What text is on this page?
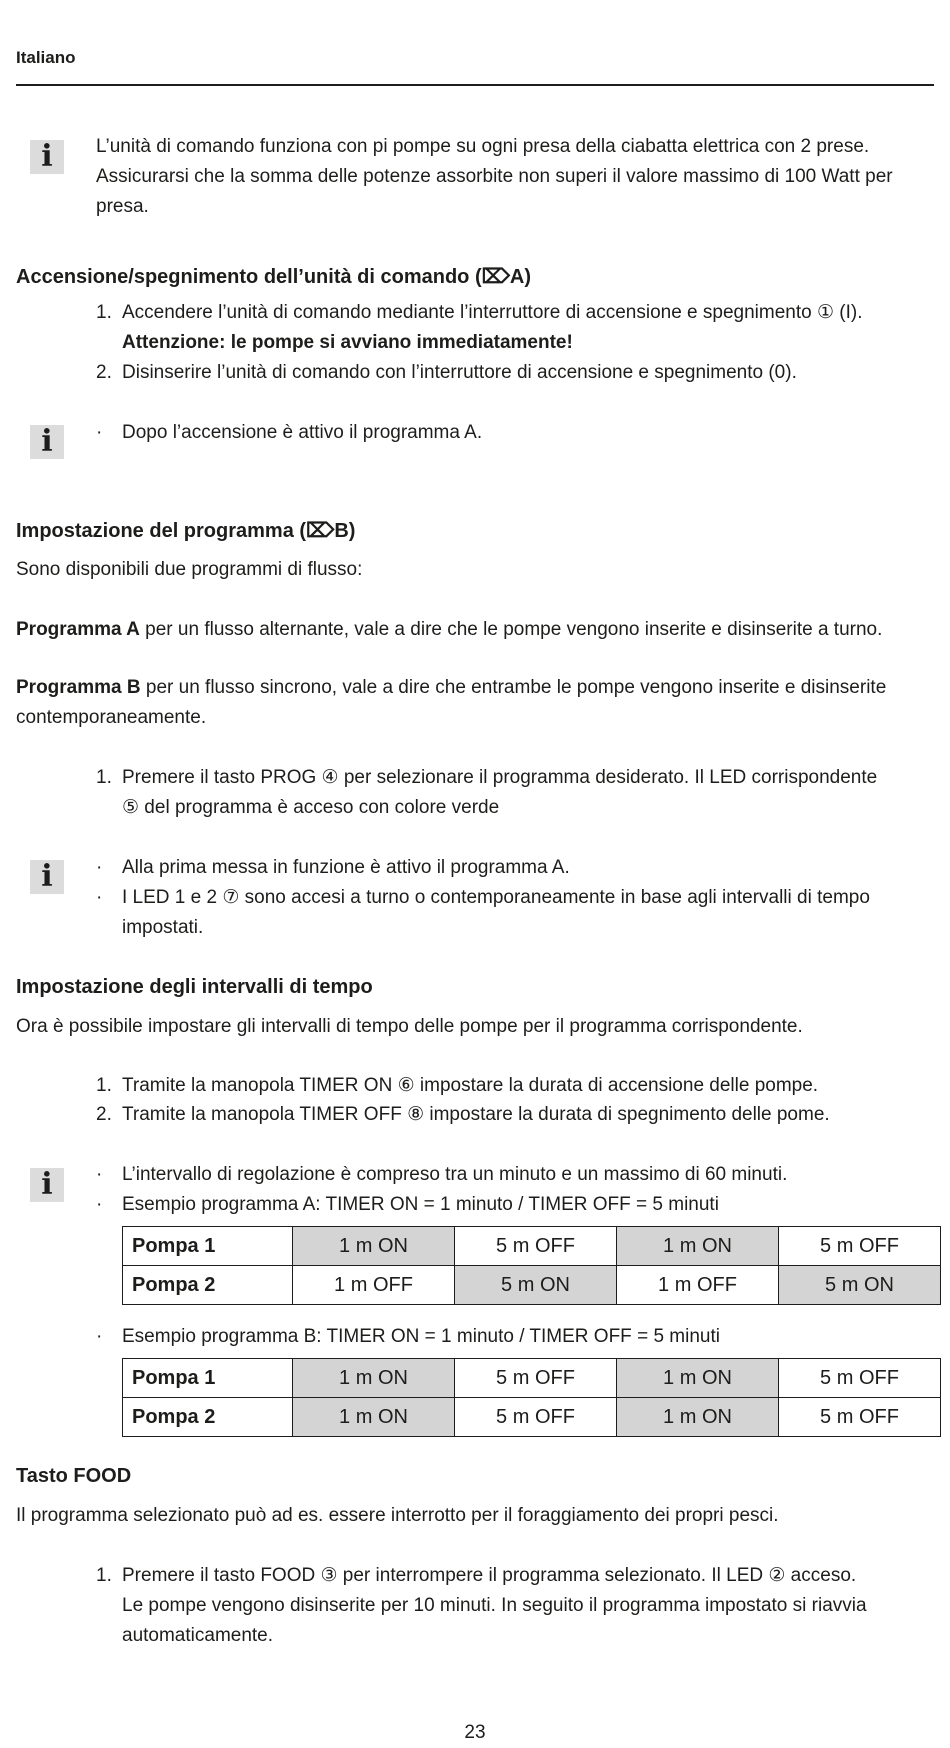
Italiano
i L’unità di comando funziona con pi pompe su ogni presa della ciabatta elettrica con 2 prese.
Assicurarsi che la somma delle potenze assorbite non superi il valore massimo di 100 Watt per
presa.
Accensione/spegnimento dell’unità di comando (⌦A)
1. Accendere l’unità di comando mediante l’interruttore di accensione e spegnimento ① (I).
Attenzione: le pompe si avviano immediatamente!
2. Disinserire l’unità di comando con l’interruttore di accensione e spegnimento (0).
i · Dopo l’accensione è attivo il programma A.
Impostazione del programma (⌦B)
Sono disponibili due programmi di flusso:
Programma A per un flusso alternante, vale a dire che le pompe vengono inserite e disinserite a turno.
Programma B per un flusso sincrono, vale a dire che entrambe le pompe vengono inserite e disinserite
contemporaneamente.
1. Premere il tasto PROG ④ per selezionare il programma desiderato. Il LED corrispondente
⑤ del programma è acceso con colore verde
i · Alla prima messa in funzione è attivo il programma A.
· I LED 1 e 2 ⑦ sono accesi a turno o contemporaneamente in base agli intervalli di tempo
impostati.
Impostazione degli intervalli di tempo
Ora è possibile impostare gli intervalli di tempo delle pompe per il programma corrispondente.
1. Tramite la manopola TIMER ON ⑥ impostare la durata di accensione delle pompe.
2. Tramite la manopola TIMER OFF ⑧ impostare la durata di spegnimento delle pome.
i · L’intervallo di regolazione è compreso tra un minuto e un massimo di 60 minuti.
· Esempio programma A: TIMER ON = 1 minuto / TIMER OFF = 5 minuti
Pompa 1	1 m ON	5 m OFF	1 m ON	5 m OFF
Pompa 2	1 m OFF	5 m ON	1 m OFF	5 m ON
· Esempio programma B: TIMER ON = 1 minuto / TIMER OFF = 5 minuti
Pompa 1	1 m ON	5 m OFF	1 m ON	5 m OFF
Pompa 2	1 m ON	5 m OFF	1 m ON	5 m OFF
Tasto FOOD
Il programma selezionato può ad es. essere interrotto per il foraggiamento dei propri pesci.
1. Premere il tasto FOOD ③ per interrompere il programma selezionato. Il LED ② acceso.
Le pompe vengono disinserite per 10 minuti. In seguito il programma impostato si riavvia
automaticamente.
23
